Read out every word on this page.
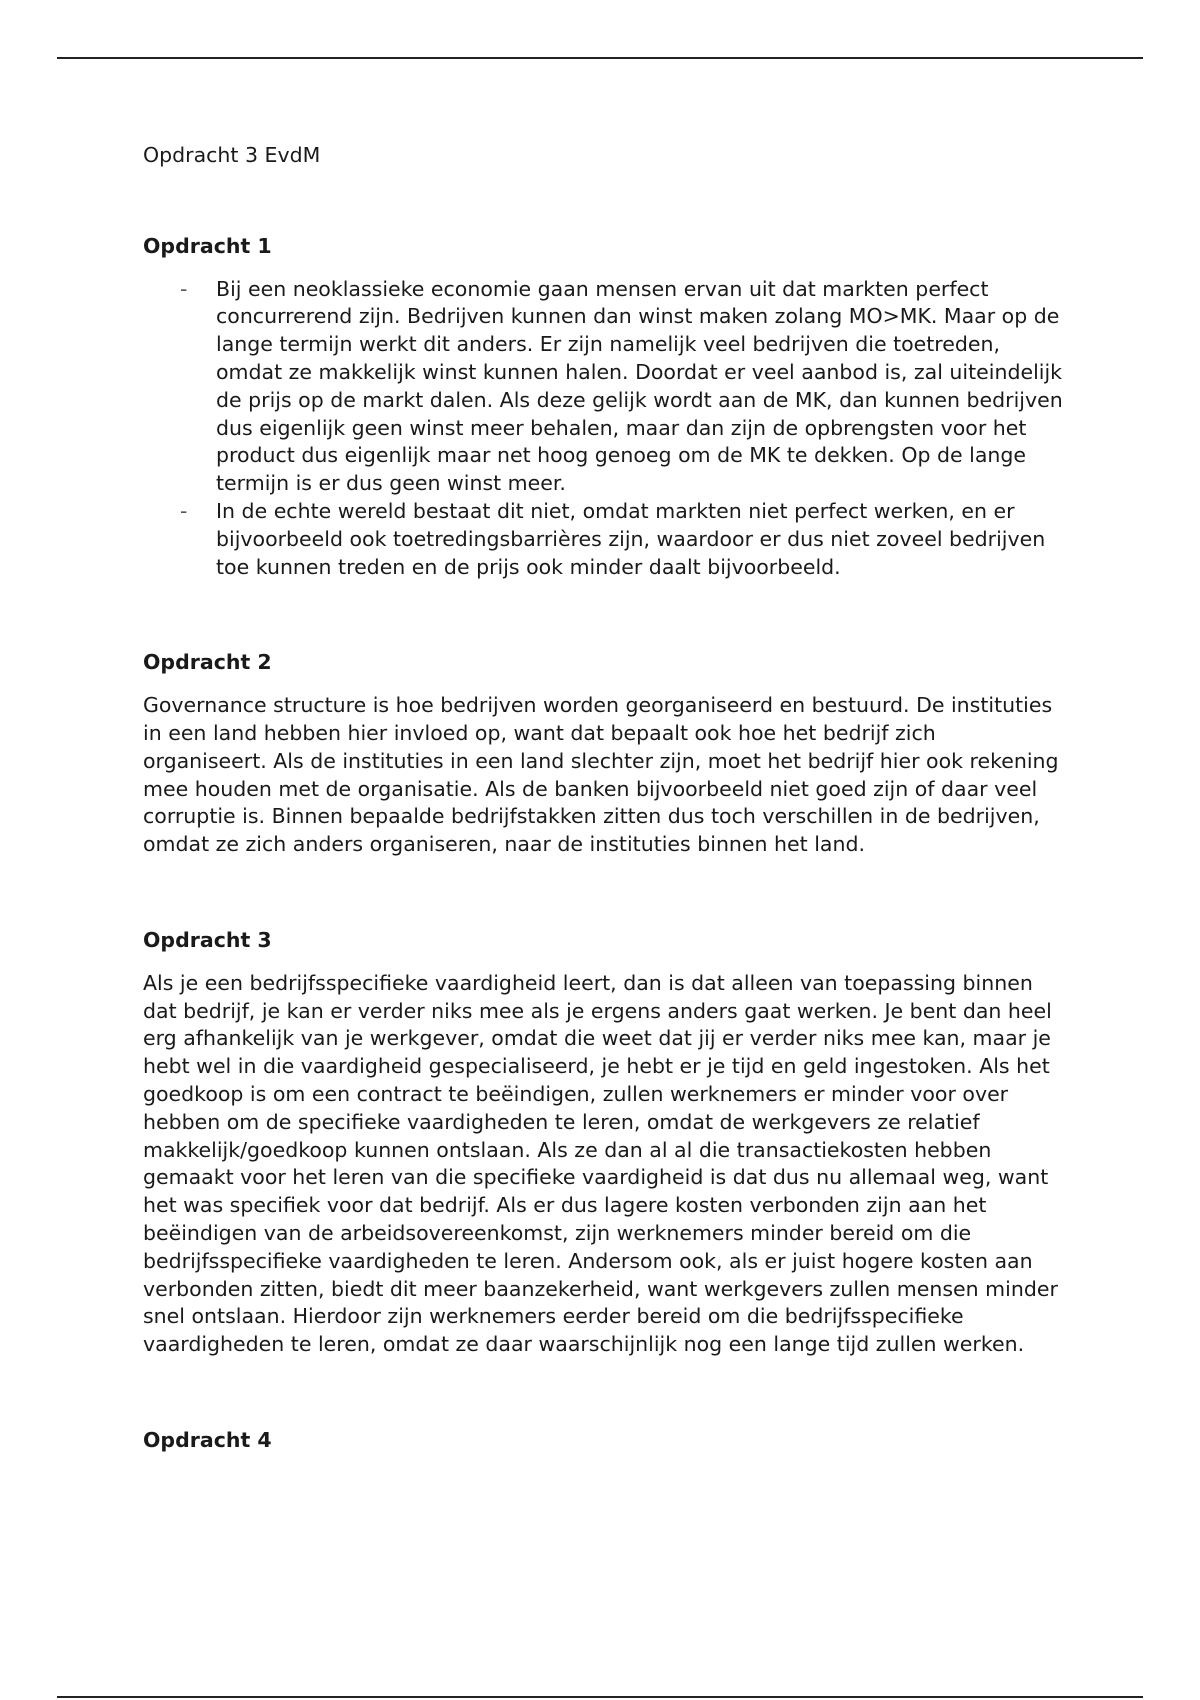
Opdracht 3 EvdM
Opdracht 1
- Bij een neoklassieke economie gaan mensen ervan uit dat markten perfect concurrerend zijn. Bedrijven kunnen dan winst maken zolang MO>MK. Maar op de lange termijn werkt dit anders. Er zijn namelijk veel bedrijven die toetreden, omdat ze makkelijk winst kunnen halen. Doordat er veel aanbod is, zal uiteindelijk de prijs op de markt dalen. Als deze gelijk wordt aan de MK, dan kunnen bedrijven dus eigenlijk geen winst meer behalen, maar dan zijn de opbrengsten voor het product dus eigenlijk maar net hoog genoeg om de MK te dekken. Op de lange termijn is er dus geen winst meer.
- In de echte wereld bestaat dit niet, omdat markten niet perfect werken, en er bijvoorbeeld ook toetredingsbarrières zijn, waardoor er dus niet zoveel bedrijven toe kunnen treden en de prijs ook minder daalt bijvoorbeeld.
Opdracht 2

Governance structure is hoe bedrijven worden georganiseerd en bestuurd. De instituties in een land hebben hier invloed op, want dat bepaalt ook hoe het bedrijf zich organiseert. Als de instituties in een land slechter zijn, moet het bedrijf hier ook rekening mee houden met de organisatie. Als de banken bijvoorbeeld niet goed zijn of daar veel corruptie is. Binnen bepaalde bedrijfstakken zitten dus toch verschillen in de bedrijven, omdat ze zich anders organiseren, naar de instituties binnen het land.

Opdracht 3

Als je een bedrijfsspecifieke vaardigheid leert, dan is dat alleen van toepassing binnen dat bedrijf, je kan er verder niks mee als je ergens anders gaat werken. Je bent dan heel erg afhankelijk van je werkgever, omdat die weet dat jij er verder niks mee kan, maar je hebt wel in die vaardigheid gespecialiseerd, je hebt er je tijd en geld ingestoken. Als het goedkoop is om een contract te beëindigen, zullen werknemers er minder voor over hebben om de specifieke vaardigheden te leren, omdat de werkgevers ze relatief makkelijk/goedkoop kunnen ontslaan. Als ze dan al al die transactiekosten hebben gemaakt voor het leren van die specifieke vaardigheid is dat dus nu allemaal weg, want het was specifiek voor dat bedrijf. Als er dus lagere kosten verbonden zijn aan het beëindigen van de arbeidsovereenkomst, zijn werknemers minder bereid om die bedrijfsspecifieke vaardigheden te leren. Andersom ook, als er juist hogere kosten aan verbonden zitten, biedt dit meer baanzekerheid, want werkgevers zullen mensen minder snel ontslaan. Hierdoor zijn werknemers eerder bereid om die bedrijfsspecifieke vaardigheden te leren, omdat ze daar waarschijnlijk nog een lange tijd zullen werken.

Opdracht 4
